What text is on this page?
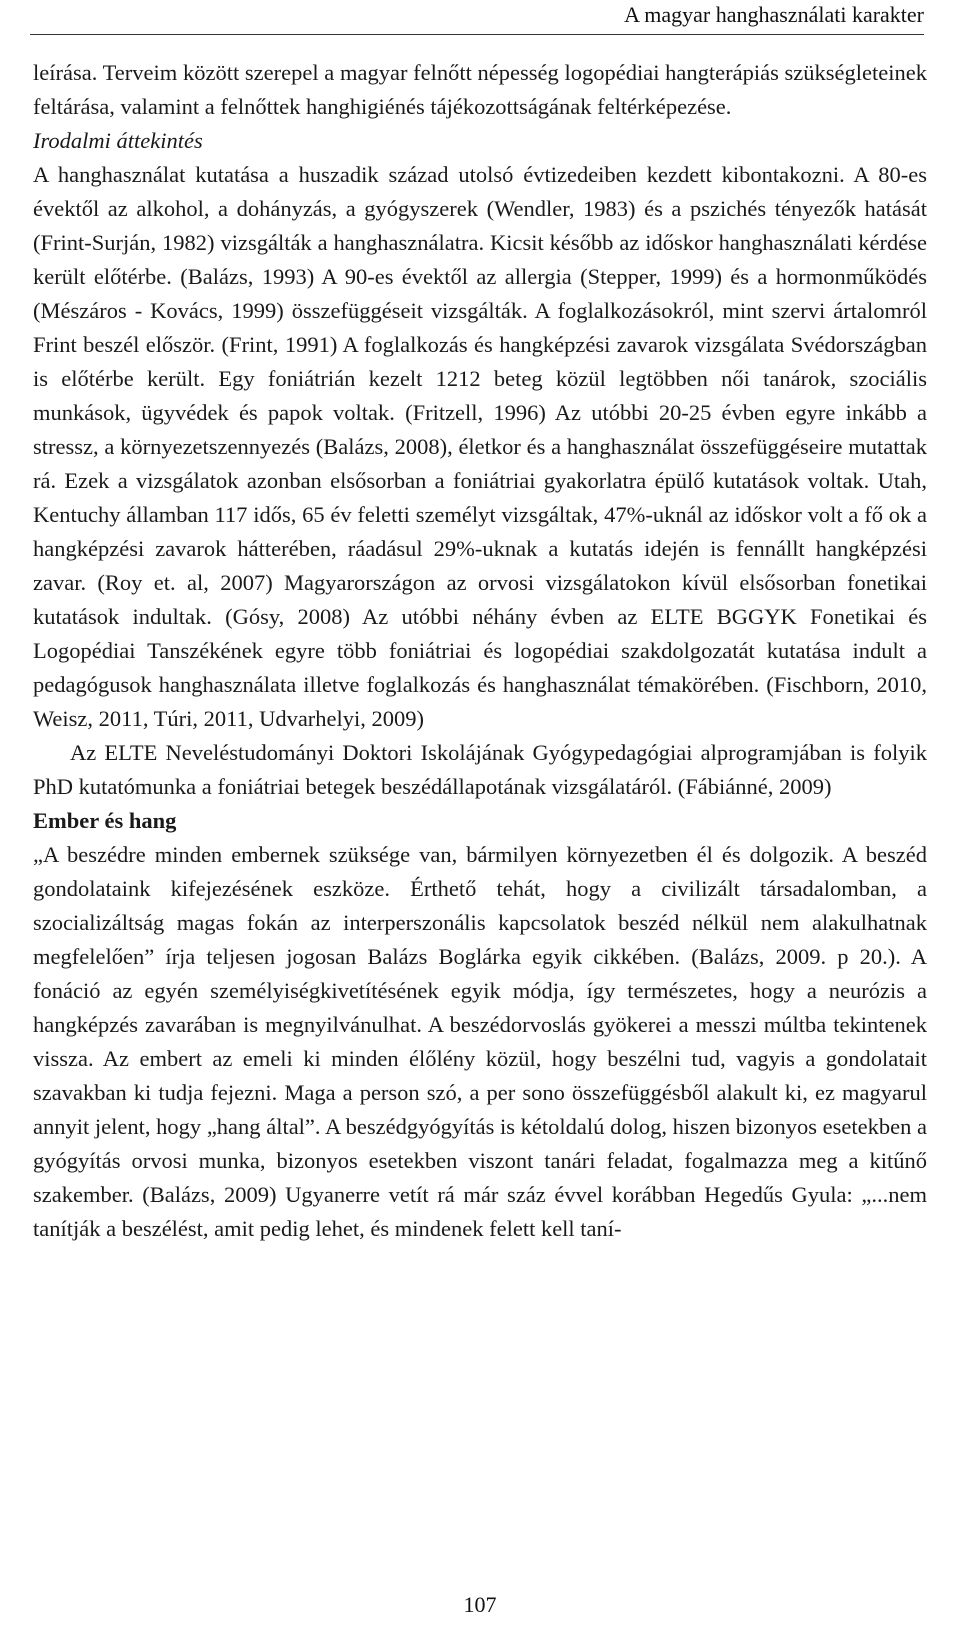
A magyar hanghasználati karakter

leírása. Terveim között szerepel a magyar felnőtt népesség logopédiai hangterápiás szükségleteinek feltárása, valamint a felnőttek hanghigiénés tájékozottságának feltérképezése.

Irodalmi áttekintés

A hanghasználat kutatása a huszadik század utolsó évtizedeiben kezdett kibontakozni. A 80-es évektől az alkohol, a dohányzás, a gyógyszerek (Wendler, 1983) és a pszichés tényezők hatását (Frint-Surján, 1982) vizsgálták a hanghasználatra. Kicsit később az időskor hanghasználati kérdése került előtérbe. (Balázs, 1993) A 90-es évektől az allergia (Stepper, 1999) és a hormonműködés (Mészáros - Kovács, 1999) összefüggéseit vizsgálták. A foglalkozásokról, mint szervi ártalomról Frint beszél először. (Frint, 1991) A foglalkozás és hangképzési zavarok vizsgálata Svédországban is előtérbe került. Egy foniátrián kezelt 1212 beteg közül legtöbben női tanárok, szociális munkások, ügyvédek és papok voltak. (Fritzell, 1996) Az utóbbi 20-25 évben egyre inkább a stressz, a környezetszennyezés (Balázs, 2008), életkor és a hanghasználat összefüggéseire mutattak rá. Ezek a vizsgálatok azonban elsősorban a foniátriai gyakorlatra épülő kutatások voltak. Utah, Kentuchy államban 117 idős, 65 év feletti személyt vizsgáltak, 47%-uknál az időskor volt a fő ok a hangképzési zavarok hátterében, ráadásul 29%-uknak a kutatás idején is fennállt hangképzési zavar. (Roy et. al, 2007) Magyarországon az orvosi vizsgálatokon kívül elsősorban fonetikai kutatások indultak. (Gósy, 2008) Az utóbbi néhány évben az ELTE BGGYK Fonetikai és Logopédiai Tanszékének egyre több foniátriai és logopédiai szakdolgozatát kutatása indult a pedagógusok hanghasználata illetve foglalkozás és hanghasználat témakörében. (Fischborn, 2010, Weisz, 2011, Túri, 2011, Udvarhelyi, 2009)

Az ELTE Neveléstudományi Doktori Iskolájának Gyógypedagógiai alprogramjában is folyik PhD kutatómunka a foniátriai betegek beszédállapotának vizsgálatáról. (Fábiánné, 2009)

Ember és hang

„A beszédre minden embernek szüksége van, bármilyen környezetben él és dolgozik. A beszéd gondolataink kifejezésének eszköze. Érthető tehát, hogy a civilizált társadalomban, a szocializáltság magas fokán az interperszonális kapcsolatok beszéd nélkül nem alakulhatnak megfelelően” írja teljesen jogosan Balázs Boglárka egyik cikkében. (Balázs, 2009. p 20.). A fonáció az egyén személyiségkivetítésének egyik módja, így természetes, hogy a neurózis a hangképzés zavarában is megnyilvánulhat. A beszédorvoslás gyökerei a messzi múltba tekintenek vissza. Az embert az emeli ki minden élőlény közül, hogy beszélni tud, vagyis a gondolatait szavakban ki tudja fejezni. Maga a person szó, a per sono összefüggésből alakult ki, ez magyarul annyit jelent, hogy „hang által”. A beszédgyógyítás is kétoldalú dolog, hiszen bizonyos esetekben a gyógyítás orvosi munka, bizonyos esetekben viszont tanári feladat, fogalmazza meg a kitűnő szakember. (Balázs, 2009) Ugyanerre vetít rá már száz évvel korábban Hegedűs Gyula: „...nem tanítják a beszélést, amit pedig lehet, és mindenek felett kell taní-

107
